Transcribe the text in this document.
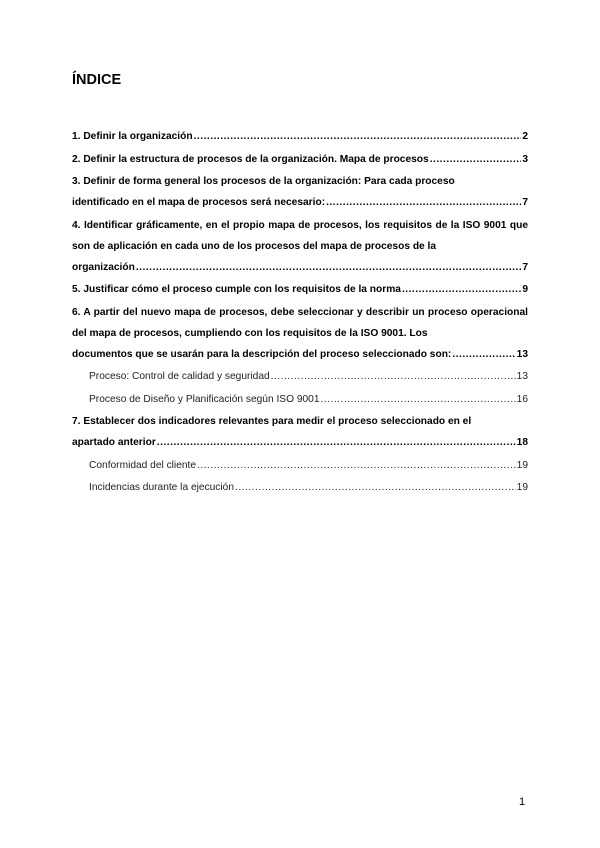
ÍNDICE
1. Definir la organización .....	2
2. Definir la estructura de procesos de la organización. Mapa de procesos .....	3
3. Definir de forma general los procesos de la organización: Para cada proceso
identificado en el mapa de procesos será necesario: .....	7
4. Identificar gráficamente, en el propio mapa de procesos, los requisitos de la ISO 9001 que son de aplicación en cada uno de los procesos del mapa de procesos de la
organización .....	7
5. Justificar cómo el proceso cumple con los requisitos de la norma .....	9
6. A partir del nuevo mapa de procesos, debe seleccionar y describir un proceso operacional del mapa de procesos, cumpliendo con los requisitos de la ISO 9001. Los
documentos que se usarán para la descripción del proceso seleccionado son: .....	13
Proceso: Control de calidad y seguridad .....	13
Proceso de Diseño y Planificación según ISO 9001 .....	16
7. Establecer dos indicadores relevantes para medir el proceso seleccionado en el
apartado anterior .....	18
Conformidad del cliente .....	19
Incidencias durante la ejecución .....	19
1
